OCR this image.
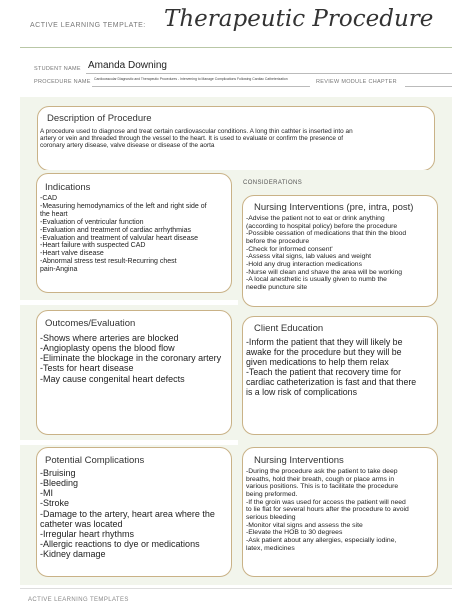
ACTIVE LEARNING TEMPLATE: Therapeutic Procedure
STUDENT NAME Amanda Downing
PROCEDURE NAME Cardiovascular Diagnostic and Therapeutic Procedures - Intervening to Manage Complications Following Cardiac Catheterization	REVIEW MODULE CHAPTER
Description of Procedure
A procedure used to diagnose and treat certain cardiovascular conditions. A long thin cathter is inserted into an
artery or vein and threaded through the vessel to the heart. It is used to evaluate or confirm the presence of
coronary artery disease, valve disease or disease of the aorta
Indications
-CAD
-Measuring hemodynamics of the left and right side of
the heart
-Evaluation of ventricular function
-Evaluation and treatment of cardiac arrhythmias
-Evaluation and treatment of valvular heart disease
-Heart failure with suspected CAD
-Heart valve disease
-Abnormal stress test result-Recurring chest
pain-Angina
Outcomes/Evaluation
-Shows where arteries are blocked
-Angioplasty opens the blood flow
-Eliminate the blockage in the coronary artery
-Tests for heart disease
-May cause congenital heart defects
Potential Complications
-Bruising
-Bleeding
-MI
-Stroke
-Damage to the artery, heart area where the
catheter was located
-Irregular heart rhythms
-Allergic reactions to dye or medications
-Kidney damage
CONSIDERATIONS
Nursing Interventions (pre, intra, post)
-Advise the patient not to eat or drink anything
(according to hospital policy) before the procedure
-Possible cessation of medications that thin the blood
before the procedure
-Check for informed consent'
-Assess vital signs, lab values and weight
-Hold any drug interaction medications
-Nurse will clean and shave the area will be working
-A local anesthetic is usually given to numb the
needle puncture site
Client Education
-Inform the patient that they will likely be
awake for the procedure but they will be
given medications to help them relax
-Teach the patient that recovery time for
cardiac catheterization is fast and that there
is a low risk of complications
Nursing Interventions
-During the procedure ask the patient to take deep
breaths, hold their breath, cough or place arms in
various positions. This is to facilitate the procedure
being preformed.
-If the groin was used for access the patient will need
to lie flat for several hours after the procedure to avoid
serious bleeding
-Monitor vital signs and assess the site
-Elevate the HOB to 30 degrees
-Ask patient about any allergies, especially iodine,
latex, medicines
ACTIVE LEARNING TEMPLATES
